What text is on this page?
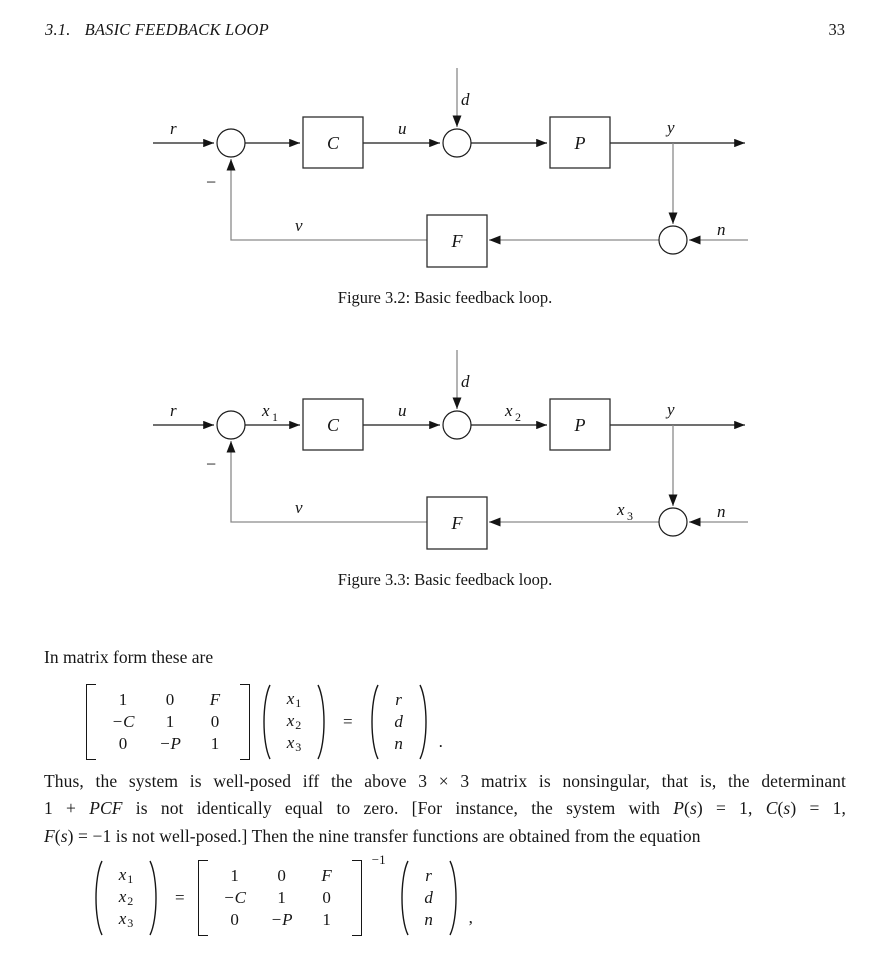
3.1. BASIC FEEDBACK LOOP	33
r	u
d
y
n
v
−
C	P
F
Figure 3.2: Basic feedback loop.
r	x 1	u
d
x 2	y
x 3	n
v
−
C	P
F
Figure 3.3: Basic feedback loop.
In matrix form these are
1 0 F
−C 1 0
0 −P 1
x1
x2
x3
=
r
d
n .
Thus, the system is well-posed iff the above 3 × 3 matrix is nonsingular, that is, the determinant
1 + PCF is not identically equal to zero. [For instance, the system with P(s) = 1, C(s) = 1,
F(s) = −1 is not well-posed.] Then the nine transfer functions are obtained from the equation
x1
x2
x3
=
1 0 F
−C 1 0
0 −P 1
−1
r
d
n ,
